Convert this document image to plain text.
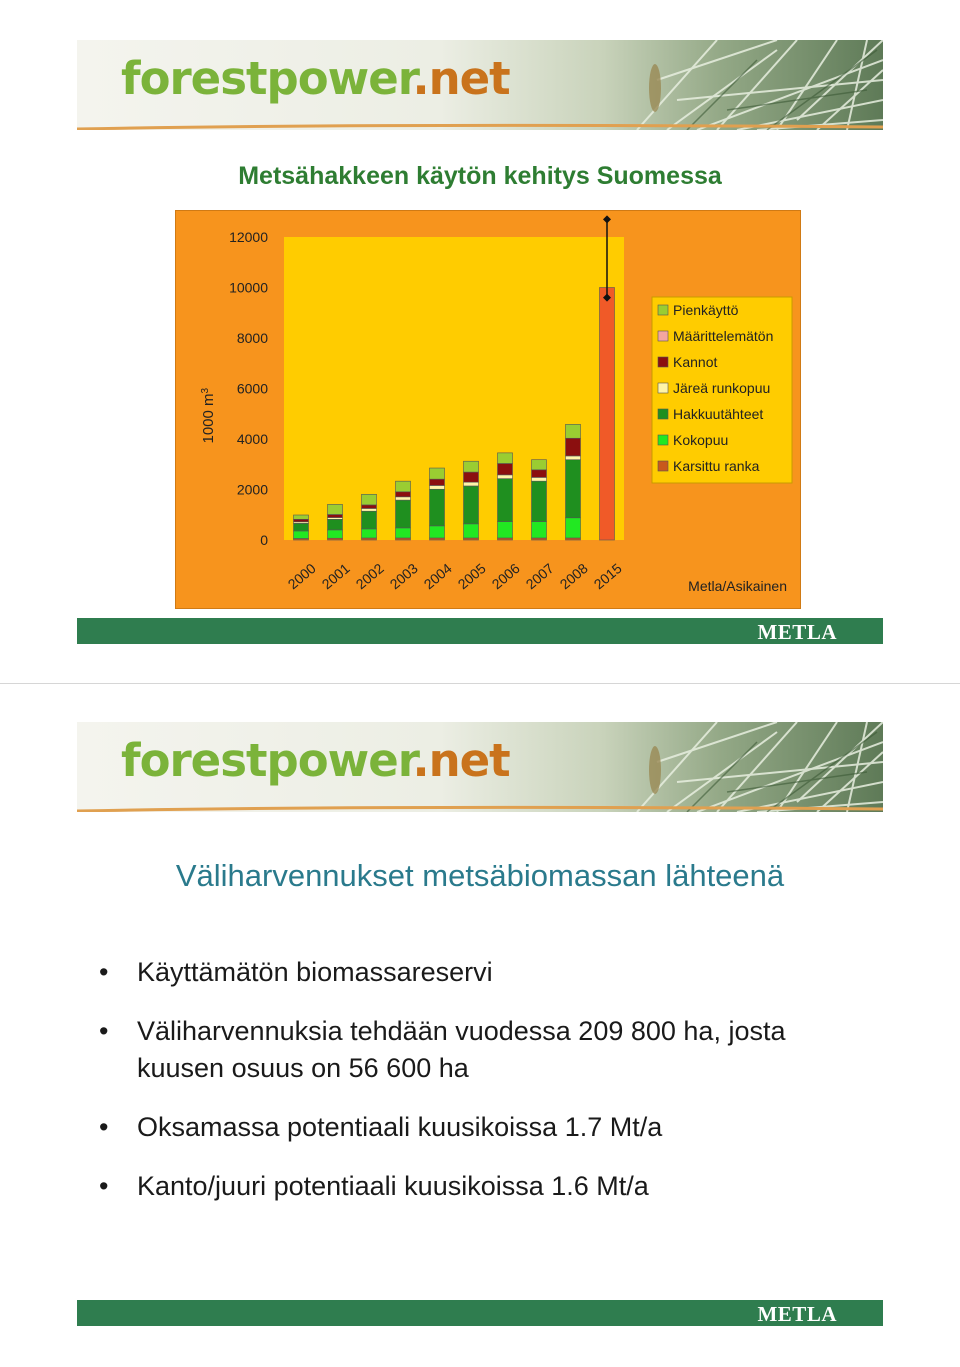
forestpower.net
Metsähakkeen käytön kehitys Suomessa
0
2000
4000
6000
8000
10000
12000
1000 $m^3$
2000 2001 2002 2003 2004 2005 2006 2007 2008 2015
Pienkäyttö
Määrittelemätön
Kannot
Järeä runkopuu
Hakkuutähteet
Kokopuu
Karsittu ranka
Metla/Asikainen
METLA
forestpower.net
Väliharvennukset metsäbiomassan lähteenä
• Käyttämätön biomassareservi
• Väliharvennuksia tehdään vuodessa 209 800 ha, josta kuusen osuus on 56 600 ha
• Oksamassa potentiaali kuusikoissa 1.7 Mt/a
• Kanto/juuri potentiaali kuusikoissa 1.6 Mt/a
METLA
